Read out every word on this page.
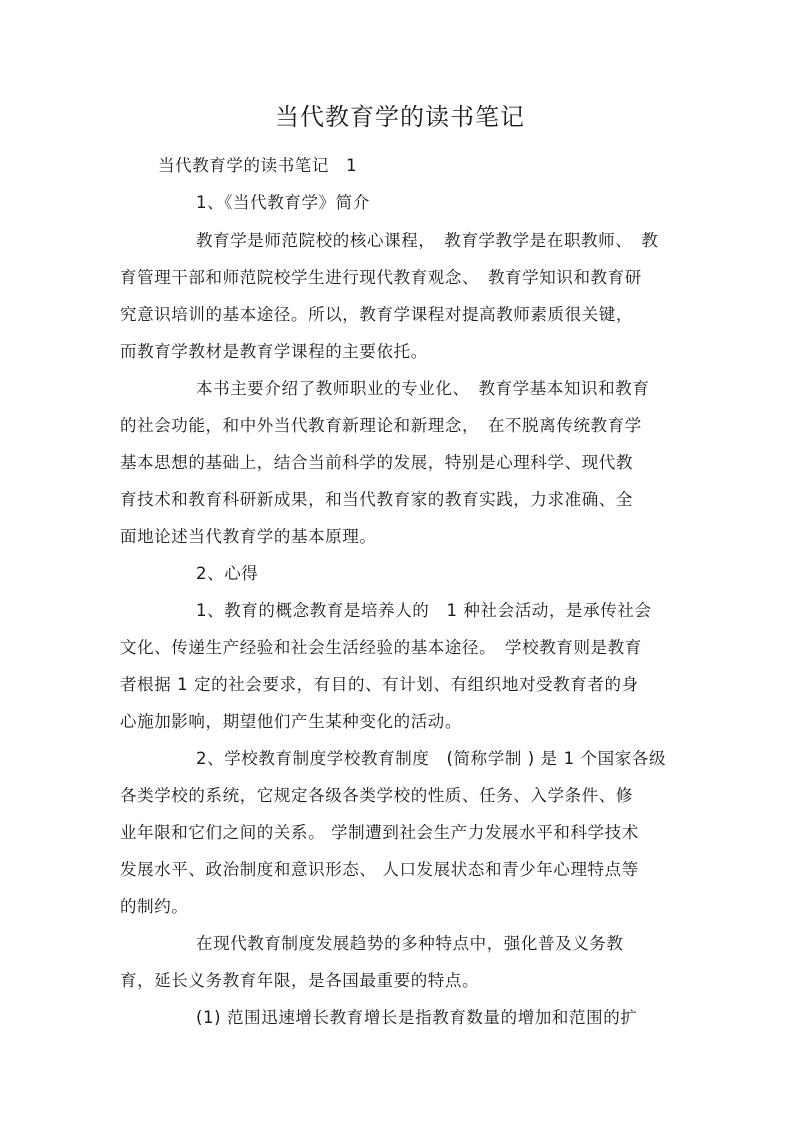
当代教育学的读书笔记
当代教育学的读书笔记　1
1、《当代教育学》简介
教育学是师范院校的核心课程，　教育学教学是在职教师、　教
育管理干部和师范院校学生进行现代教育观念、　教育学知识和教育研
究意识培训的基本途径。所以，教育学课程对提高教师素质很关键，
而教育学教材是教育学课程的主要依托。
本书主要介绍了教师职业的专业化、　教育学基本知识和教育
的社会功能，和中外当代教育新理论和新理念，　在不脱离传统教育学
基本思想的基础上，结合当前科学的发展，特别是心理科学、现代教
育技术和教育科研新成果，和当代教育家的教育实践，力求准确、全
面地论述当代教育学的基本原理。
2、心得
1、教育的概念教育是培养人的　1 种社会活动，是承传社会
文化、传递生产经验和社会生活经验的基本途径。　学校教育则是教育
者根据 1 定的社会要求，有目的、有计划、有组织地对受教育者的身
心施加影响，期望他们产生某种变化的活动。
2、学校教育制度学校教育制度　(简称学制 ) 是 1 个国家各级
各类学校的系统，它规定各级各类学校的性质、任务、入学条件、修
业年限和它们之间的关系。 学制遭到社会生产力发展水平和科学技术
发展水平、政治制度和意识形态、 人口发展状态和青少年心理特点等
的制约。
在现代教育制度发展趋势的多种特点中，强化普及义务教
育，延长义务教育年限，是各国最重要的特点。
(1) 范围迅速增长教育增长是指教育数量的增加和范围的扩
